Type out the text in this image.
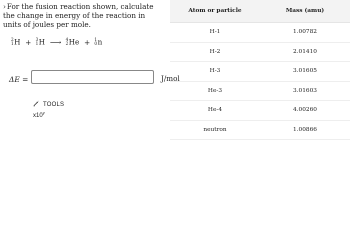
›For the fusion reaction shown, calculate the change in energy of the reaction in units of joules per mole.
2
1 H + 3
1 H ⟶ 4
2 He + 1
0 n
ΔE =	J/mol
TOOLS
x10$^y$
Atom or particle	Mass (amu)
H-1	1.00782
H-2	2.01410
H-3	3.01605
He-3	3.01603
He-4	4.00260
neutron	1.00866
